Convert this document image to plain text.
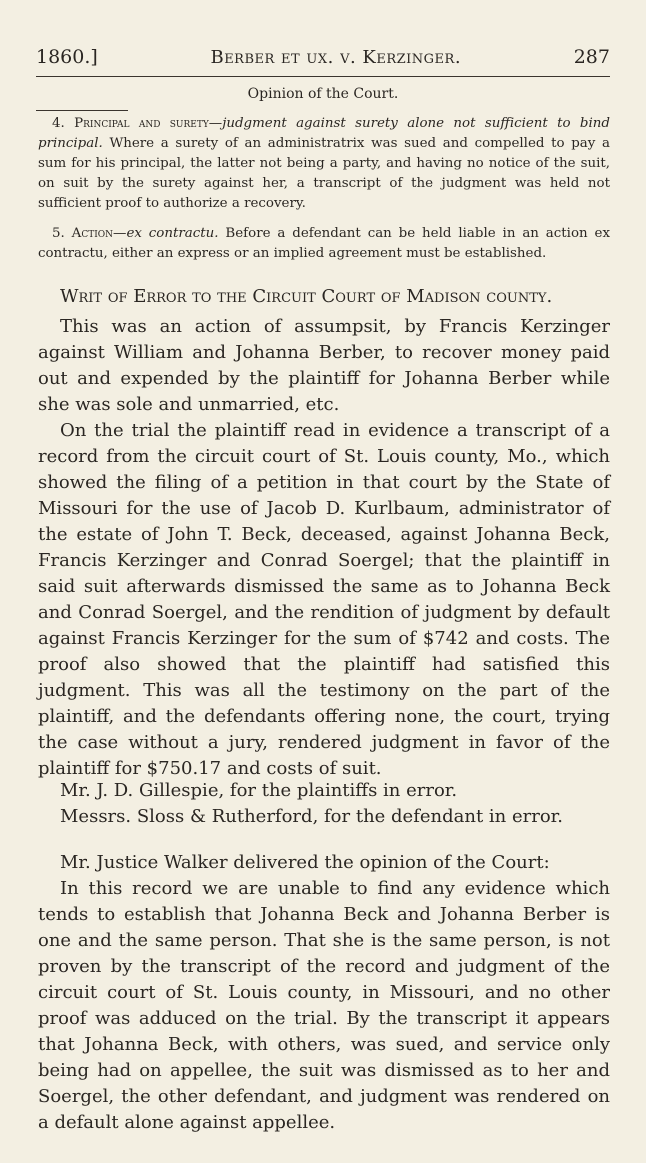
1860.]	Berber et ux. v. Kerzinger.	287
Opinion of the Court.

4. Principal and surety—judgment against surety alone not sufficient to bind principal. Where a surety of an administratrix was sued and compelled to pay a sum for his principal, the latter not being a party, and having no notice of the suit, on suit by the surety against her, a transcript of the judgment was held not sufficient proof to authorize a recovery.

5. Action—ex contractu. Before a defendant can be held liable in an action ex contractu, either an express or an implied agreement must be established.

Writ of Error to the Circuit Court of Madison county.

This was an action of assumpsit, by Francis Kerzinger against William and Johanna Berber, to recover money paid out and expended by the plaintiff for Johanna Berber while she was sole and unmarried, etc.

On the trial the plaintiff read in evidence a transcript of a record from the circuit court of St. Louis county, Mo., which showed the filing of a petition in that court by the State of Missouri for the use of Jacob D. Kurlbaum, administrator of the estate of John T. Beck, deceased, against Johanna Beck, Francis Kerzinger and Conrad Soergel; that the plaintiff in said suit afterwards dismissed the same as to Johanna Beck and Conrad Soergel, and the rendition of judgment by default against Francis Kerzinger for the sum of $742 and costs. The proof also showed that the plaintiff had satisfied this judgment. This was all the testimony on the part of the plaintiff, and the defendants offering none, the court, trying the case without a jury, rendered judgment in favor of the plaintiff for $750.17 and costs of suit.

Mr. J. D. Gillespie, for the plaintiffs in error.

Messrs. Sloss & Rutherford, for the defendant in error.

Mr. Justice Walker delivered the opinion of the Court:

In this record we are unable to find any evidence which tends to establish that Johanna Beck and Johanna Berber is one and the same person. That she is the same person, is not proven by the transcript of the record and judgment of the circuit court of St. Louis county, in Missouri, and no other proof was adduced on the trial. By the transcript it appears that Johanna Beck, with others, was sued, and service only being had on appellee, the suit was dismissed as to her and Soergel, the other defendant, and judgment was rendered on a default alone against appellee.
